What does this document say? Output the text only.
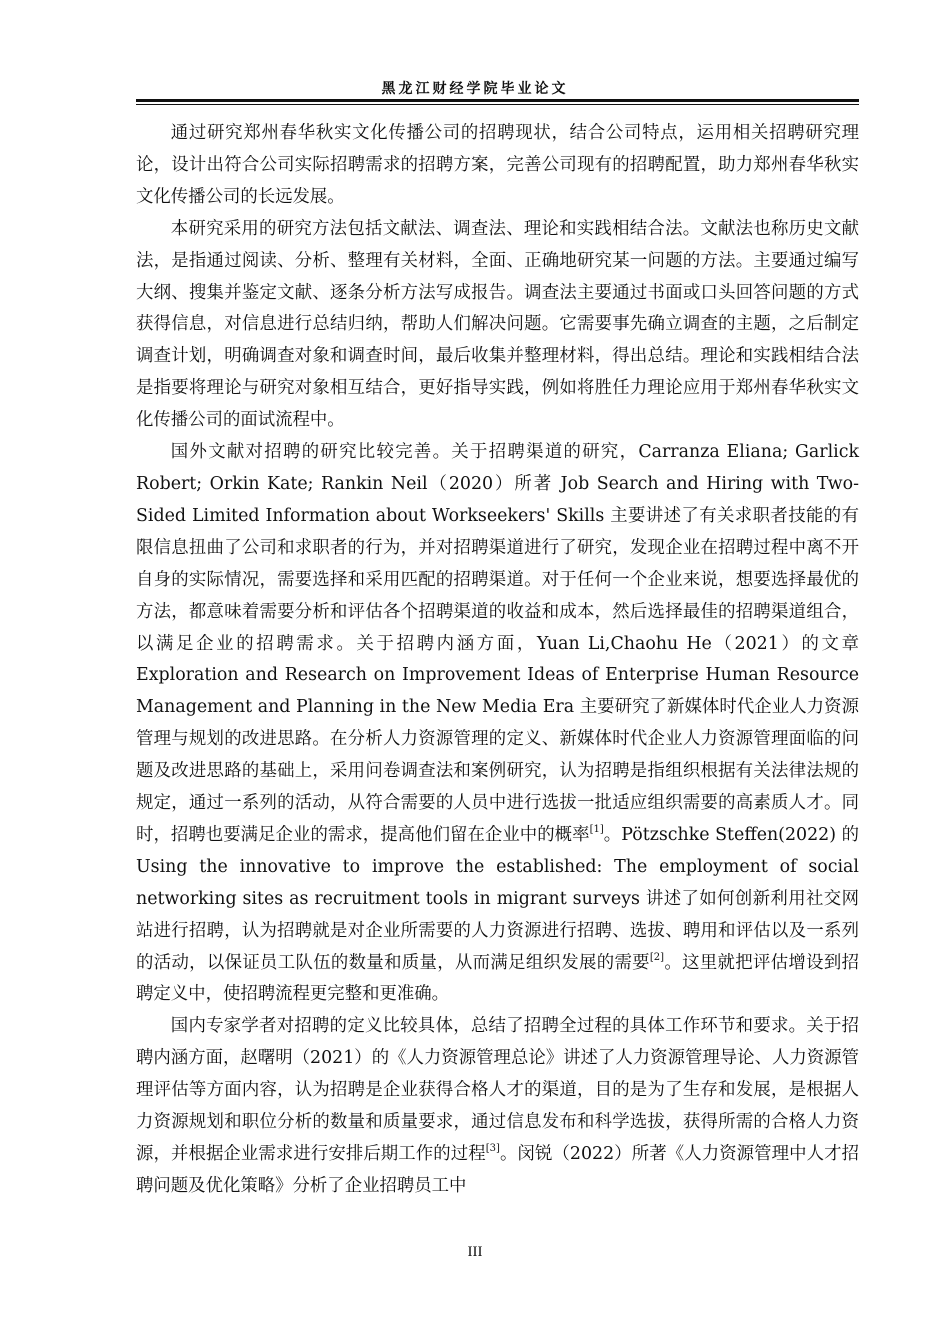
黑龙江财经学院毕业论文

通过研究郑州春华秋实文化传播公司的招聘现状，结合公司特点，运用相关招聘研究理论，设计出符合公司实际招聘需求的招聘方案，完善公司现有的招聘配置，助力郑州春华秋实文化传播公司的长远发展。

本研究采用的研究方法包括文献法、调查法、理论和实践相结合法。文献法也称历史文献法，是指通过阅读、分析、整理有关材料，全面、正确地研究某一问题的方法。主要通过编写大纲、搜集并鉴定文献、逐条分析方法写成报告。调查法主要通过书面或口头回答问题的方式获得信息，对信息进行总结归纳，帮助人们解决问题。它需要事先确立调查的主题，之后制定调查计划，明确调查对象和调查时间，最后收集并整理材料，得出总结。理论和实践相结合法是指要将理论与研究对象相互结合，更好指导实践，例如将胜任力理论应用于郑州春华秋实文化传播公司的面试流程中。

国外文献对招聘的研究比较完善。关于招聘渠道的研究，Carranza Eliana; Garlick Robert; Orkin Kate; Rankin Neil（2020）所著 Job Search and Hiring with Two-Sided Limited Information about Workseekers' Skills 主要讲述了有关求职者技能的有限信息扭曲了公司和求职者的行为，并对招聘渠道进行了研究，发现企业在招聘过程中离不开自身的实际情况，需要选择和采用匹配的招聘渠道。对于任何一个企业来说，想要选择最优的方法，都意味着需要分析和评估各个招聘渠道的收益和成本，然后选择最佳的招聘渠道组合，以满足企业的招聘需求。关于招聘内涵方面，Yuan Li,Chaohu He（2021）的文章 Exploration and Research on Improvement Ideas of Enterprise Human Resource Management and Planning in the New Media Era 主要研究了新媒体时代企业人力资源管理与规划的改进思路。在分析人力资源管理的定义、新媒体时代企业人力资源管理面临的问题及改进思路的基础上，采用问卷调查法和案例研究，认为招聘是指组织根据有关法律法规的规定，通过一系列的活动，从符合需要的人员中进行选拔一批适应组织需要的高素质人才。同时，招聘也要满足企业的需求，提高他们留在企业中的概率[1]。Pötzschke Steffen(2022) 的 Using the innovative to improve the established: The employment of social networking sites as recruitment tools in migrant surveys 讲述了如何创新利用社交网站进行招聘，认为招聘就是对企业所需要的人力资源进行招聘、选拔、聘用和评估以及一系列的活动，以保证员工队伍的数量和质量，从而满足组织发展的需要[2]。这里就把评估增设到招聘定义中，使招聘流程更完整和更准确。

国内专家学者对招聘的定义比较具体，总结了招聘全过程的具体工作环节和要求。关于招聘内涵方面，赵曙明（2021）的《人力资源管理总论》讲述了人力资源管理导论、人力资源管理评估等方面内容，认为招聘是企业获得合格人才的渠道，目的是为了生存和发展，是根据人力资源规划和职位分析的数量和质量要求，通过信息发布和科学选拔，获得所需的合格人力资源，并根据企业需求进行安排后期工作的过程[3]。闵锐（2022）所著《人力资源管理中人才招聘问题及优化策略》分析了企业招聘员工中

III
